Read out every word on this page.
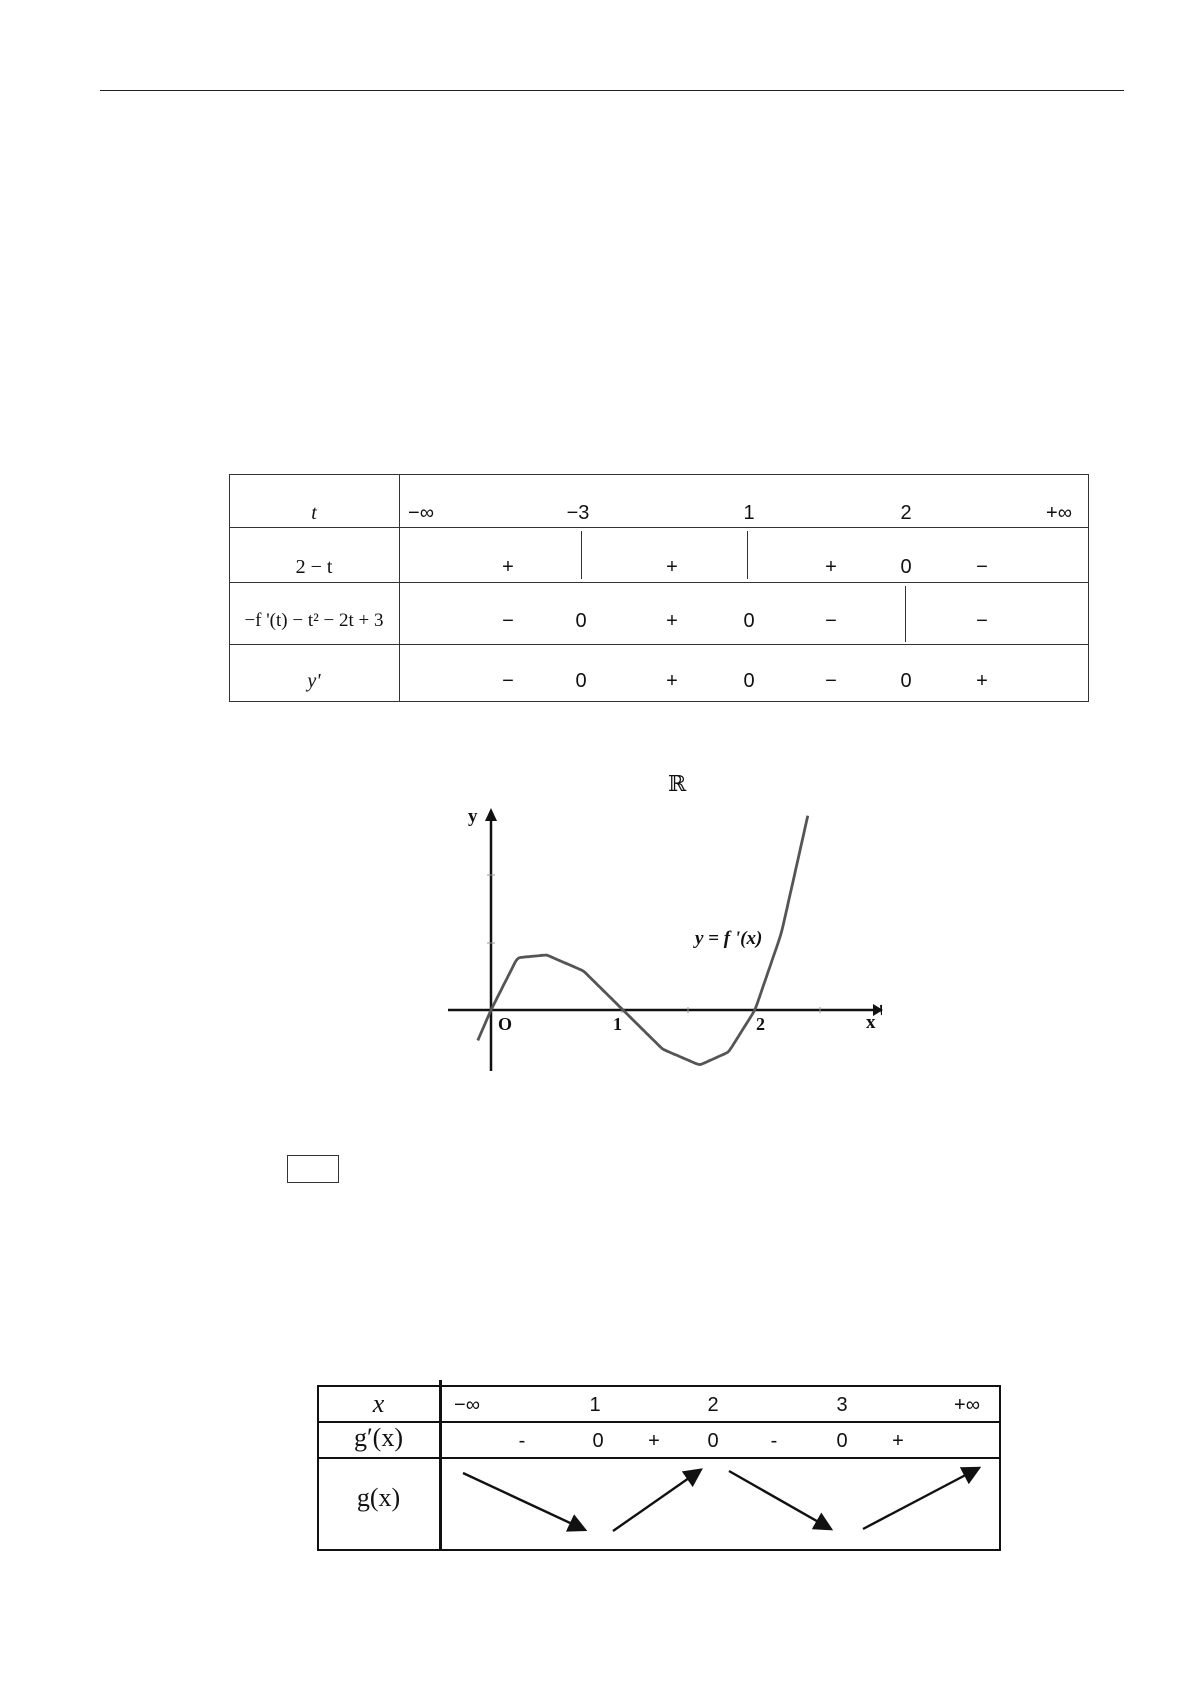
t	−∞	−3	1	2	+∞
2 − t	+	+	+	0	−
−f '(t) − t² − 2t + 3	−	0	+	0	−	−
y'	−	0	+	0	−	0	+
ℝ
y
x
O	1	2
y = f '(x)
x	−∞	1	2	3	+∞
g′(x)	-	0	+	0	-	0	+
g(x)
